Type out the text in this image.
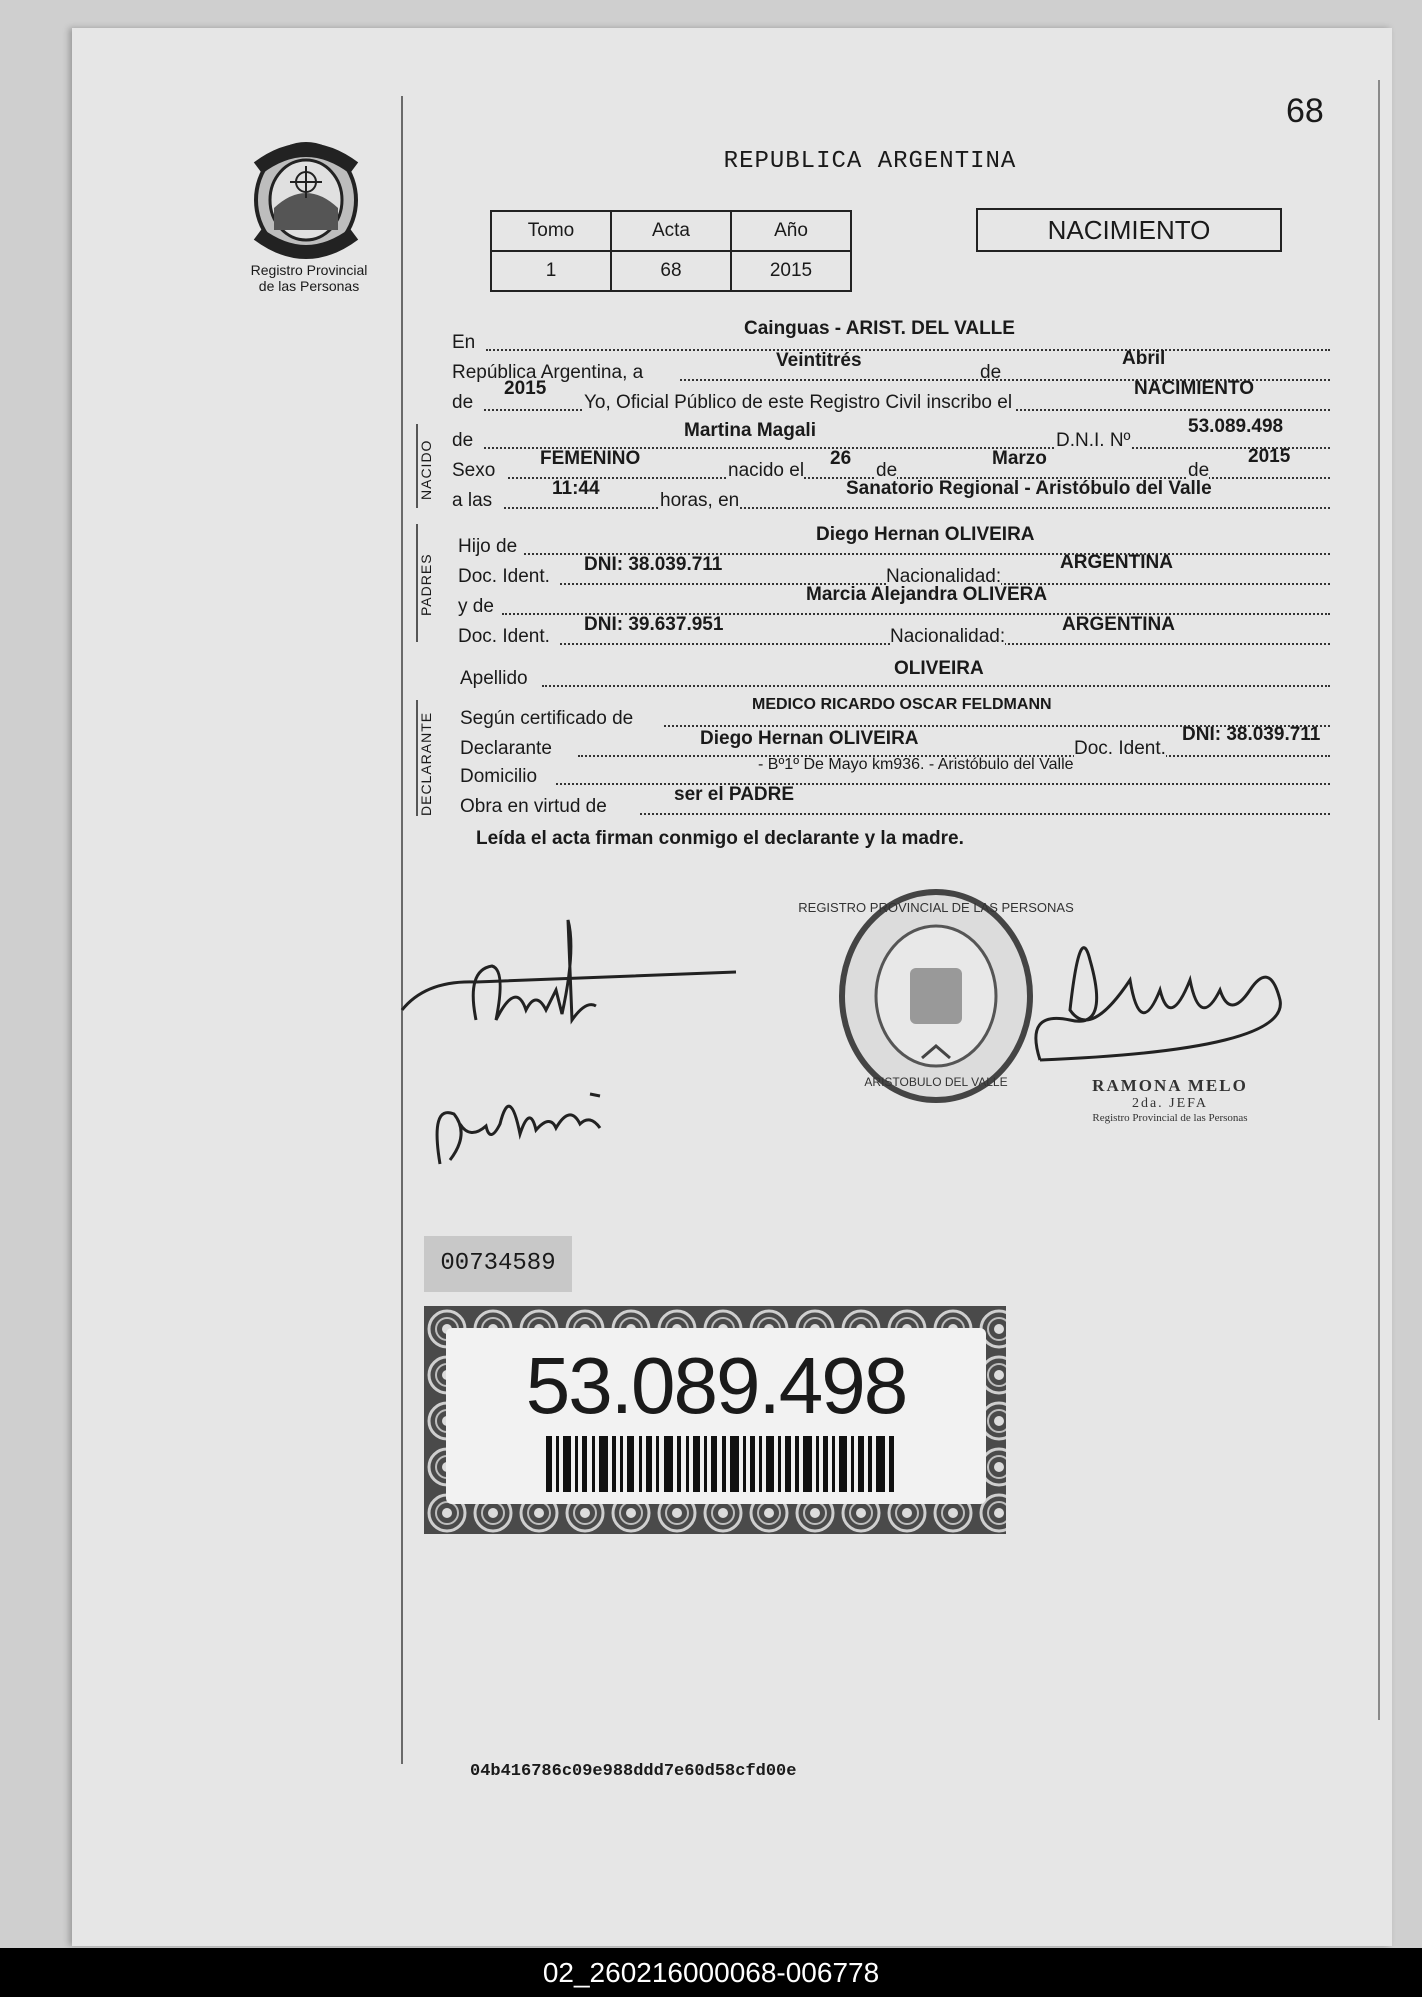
68
Registro Provincial
de las Personas
REPUBLICA ARGENTINA
Tomo	Acta	Año
1	68	2015
NACIMIENTO
En
Cainguas - ARIST. DEL VALLE
República Argentina, a
Veintitrés
de
Abril
de
2015
Yo, Oficial Público de este Registro Civil inscribo el
NACIMIENTO
NACIDO de	Martina Magali	D.N.I. Nº
53.089.498
Sexo
FEMENINO
nacido el
26
de
Marzo
de
2015
a las
11:44
horas, en
Sanatorio Regional - Aristóbulo del Valle
PADRES
Hijo de
Diego Hernan OLIVEIRA
Doc. Ident.
DNI: 38.039.711
Nacionalidad:
ARGENTINA
y de
Marcia Alejandra OLIVERA
Doc. Ident.
DNI: 39.637.951
Nacionalidad:
ARGENTINA
Apellido	OLIVEIRA
DECLARANTE Según certificado de
MEDICO RICARDO OSCAR FELDMANN
Declarante	Diego Hernan OLIVEIRA	Doc. Ident.
DNI: 38.039.711
Domicilio
- Bº1º De Mayo km936. - Aristóbulo del Valle
Obra en virtud de
ser el PADRE
Leída el acta firman conmigo el declarante y la madre.
REGISTRO PROVINCIAL DE LAS PERSONAS
ARISTOBULO DEL VALLE	RAMONA MELO
2da. JEFA
Registro Provincial de las Personas
00734589
53.089.498
04b416786c09e988ddd7e60d58cfd00e
02_260216000068-006778
